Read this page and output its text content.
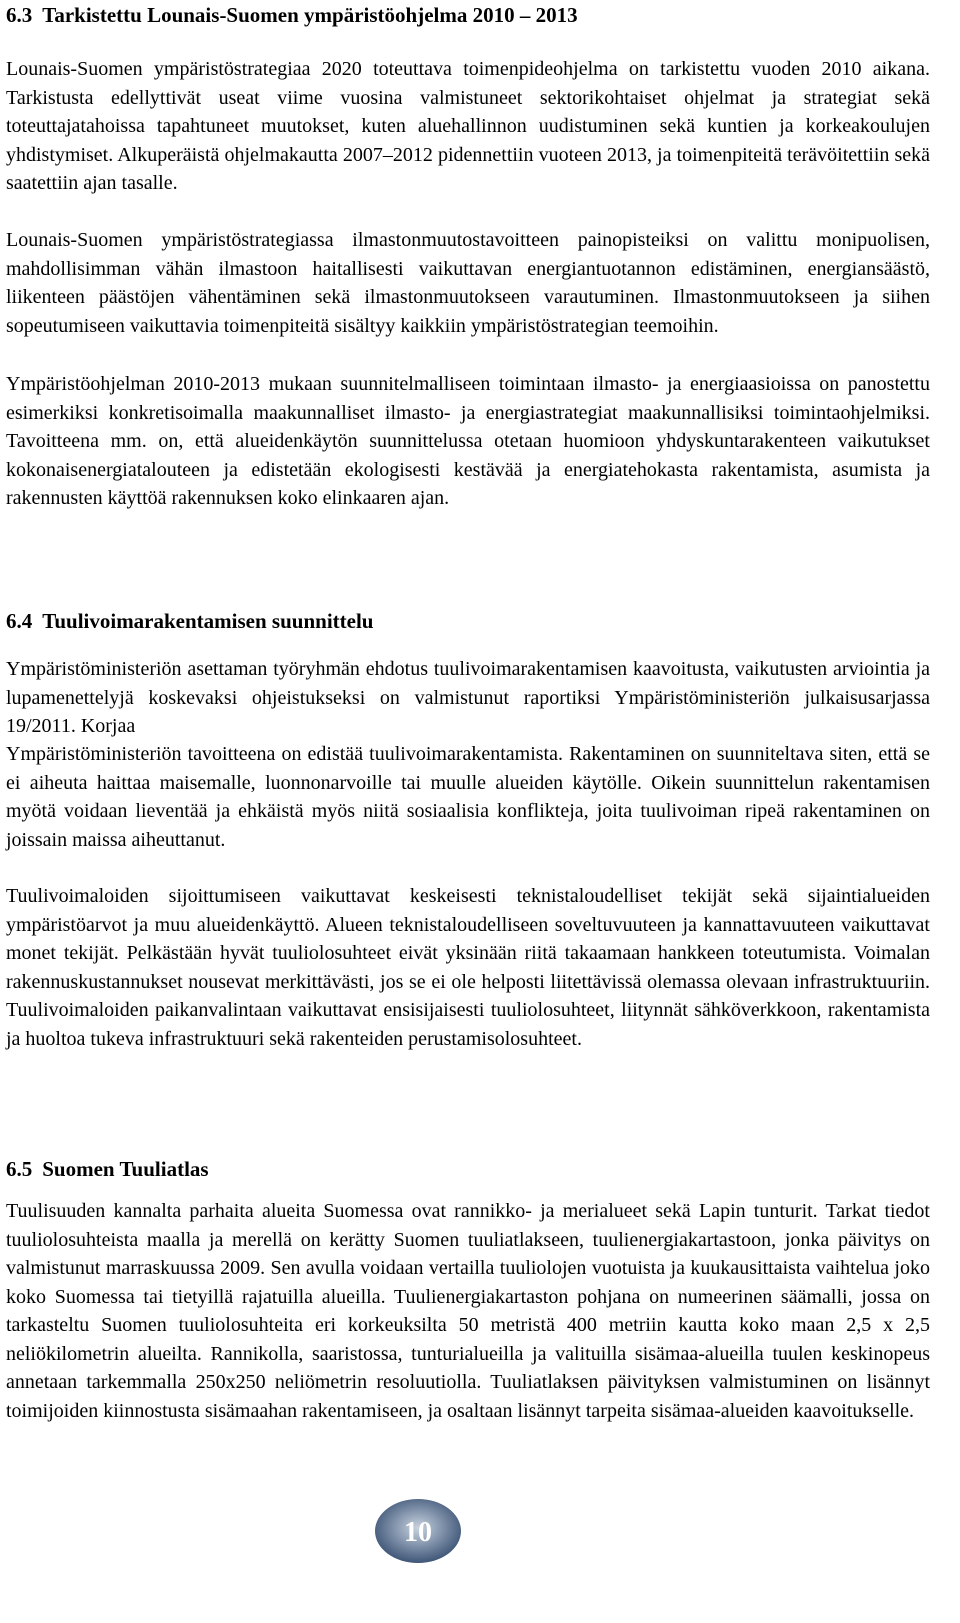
6.3 Tarkistettu Lounais-Suomen ympäristöohjelma 2010 – 2013

Lounais-Suomen ympäristöstrategiaa 2020 toteuttava toimenpideohjelma on tarkistettu vuoden 2010 aikana. Tarkistusta edellyttivät useat viime vuosina valmistuneet sektorikohtaiset ohjelmat ja strategiat sekä toteuttajatahoissa tapahtuneet muutokset, kuten aluehallinnon uudistuminen sekä kuntien ja korkeakoulujen yhdistymiset. Alkuperäistä ohjelmakautta 2007–2012 pidennettiin vuoteen 2013, ja toimenpiteitä terävöitettiin sekä saatettiin ajan tasalle.

Lounais-Suomen ympäristöstrategiassa ilmastonmuutostavoitteen painopisteiksi on valittu monipuolisen, mahdollisimman vähän ilmastoon haitallisesti vaikuttavan energiantuotannon edistäminen, energiansäästö, liikenteen päästöjen vähentäminen sekä ilmastonmuutokseen varautuminen. Ilmastonmuutokseen ja siihen sopeutumiseen vaikuttavia toimenpiteitä sisältyy kaikkiin ympäristöstrategian teemoihin.

Ympäristöohjelman 2010-2013 mukaan suunnitelmalliseen toimintaan ilmasto- ja energiaasioissa on panostettu esimerkiksi konkretisoimalla maakunnalliset ilmasto- ja energiastrategiat maakunnallisiksi toimintaohjelmiksi. Tavoitteena mm. on, että alueidenkäytön suunnittelussa otetaan huomioon yhdyskuntarakenteen vaikutukset kokonaisenergiatalouteen ja edistetään ekologisesti kestävää ja energiatehokasta rakentamista, asumista ja rakennusten käyttöä rakennuksen koko elinkaaren ajan.

6.4 Tuulivoimarakentamisen suunnittelu

Ympäristöministeriön asettaman työryhmän ehdotus tuulivoimarakentamisen kaavoitusta, vaikutusten arviointia ja lupamenettelyjä koskevaksi ohjeistukseksi on valmistunut raportiksi Ympäristöministeriön julkaisusarjassa 19/2011. Korjaa

Ympäristöministeriön tavoitteena on edistää tuulivoimarakentamista. Rakentaminen on suunniteltava siten, että se ei aiheuta haittaa maisemalle, luonnonarvoille tai muulle alueiden käytölle. Oikein suunnittelun rakentamisen myötä voidaan lieventää ja ehkäistä myös niitä sosiaalisia konflikteja, joita tuulivoiman ripeä rakentaminen on joissain maissa aiheuttanut.

Tuulivoimaloiden sijoittumiseen vaikuttavat keskeisesti teknistaloudelliset tekijät sekä sijaintialueiden ympäristöarvot ja muu alueidenkäyttö. Alueen teknistaloudelliseen soveltuvuuteen ja kannattavuuteen vaikuttavat monet tekijät. Pelkästään hyvät tuuliolosuhteet eivät yksinään riitä takaamaan hankkeen toteutumista. Voimalan rakennuskustannukset nousevat merkittävästi, jos se ei ole helposti liitettävissä olemassa olevaan infrastruktuuriin. Tuulivoimaloiden paikanvalintaan vaikuttavat ensisijaisesti tuuliolosuhteet, liitynnät sähköverkkoon, rakentamista ja huoltoa tukeva infrastruktuuri sekä rakenteiden perustamisolosuhteet.

6.5 Suomen Tuuliatlas

Tuulisuuden kannalta parhaita alueita Suomessa ovat rannikko- ja merialueet sekä Lapin tunturit. Tarkat tiedot tuuliolosuhteista maalla ja merellä on kerätty Suomen tuuliatlakseen, tuulienergiakartastoon, jonka päivitys on valmistunut marraskuussa 2009. Sen avulla voidaan vertailla tuuliolojen vuotuista ja kuukausittaista vaihtelua joko koko Suomessa tai tietyillä rajatuilla alueilla. Tuulienergiakartaston pohjana on numeerinen säämalli, jossa on tarkasteltu Suomen tuuliolosuhteita eri korkeuksilta 50 metristä 400 metriin kautta koko maan 2,5 x 2,5 neliökilometrin alueilta. Rannikolla, saaristossa, tunturialueilla ja valituilla sisämaa-alueilla tuulen keskinopeus annetaan tarkemmalla 250x250 neliömetrin resoluutiolla. Tuuliatlaksen päivityksen valmistuminen on lisännyt toimijoiden kiinnostusta sisämaahan rakentamiseen, ja osaltaan lisännyt tarpeita sisämaa-alueiden kaavoitukselle.

10
